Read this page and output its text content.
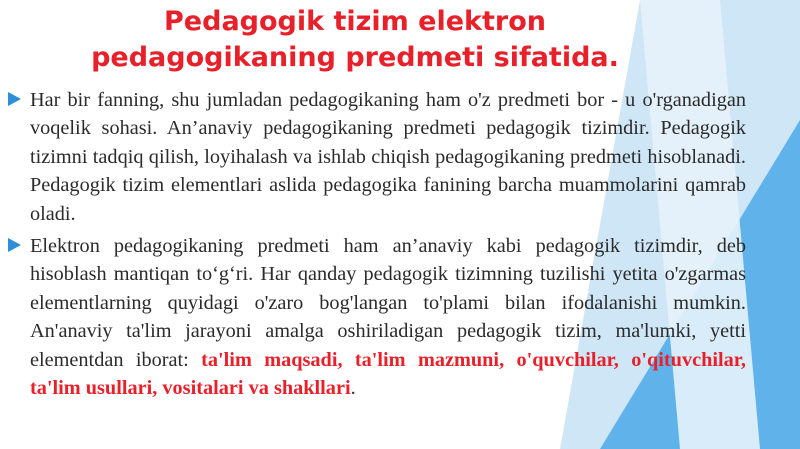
Pedagogik tizim elektron
pedagogikaning predmeti sifatida.

Har bir fanning, shu jumladan pedagogikaning ham o'z predmeti bor - u o'rganadigan voqelik sohasi. An’anaviy pedagogikaning predmeti pedagogik tizimdir. Pedagogik tizimni tadqiq qilish, loyihalash va ishlab chiqish pedagogikaning predmeti hisoblanadi. Pedagogik tizim elementlari aslida pedagogika fanining barcha muammolarini qamrab oladi.

Elektron pedagogikaning predmeti ham an’anaviy kabi pedagogik tizimdir, deb hisoblash mantiqan to‘g‘ri. Har qanday pedagogik tizimning tuzilishi yetita o'zgarmas elementlarning quyidagi o'zaro bog'langan to'plami bilan ifodalanishi mumkin. An'anaviy ta'lim jarayoni amalga oshiriladigan pedagogik tizim, ma'lumki, yetti elementdan iborat: ta'lim maqsadi, ta'lim mazmuni, o'quvchilar, o'qituvchilar, ta'lim usullari, vositalari va shakllari.
